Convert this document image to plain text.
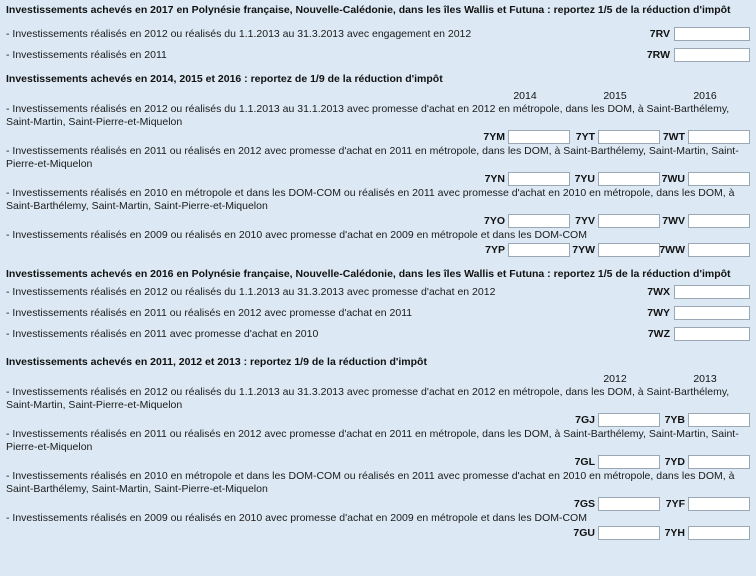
Investissements achevés en 2017 en Polynésie française, Nouvelle-Calédonie, dans les îles Wallis et Futuna : reportez 1/5 de la réduction d'impôt
- Investissements réalisés en 2012 ou réalisés du 1.1.2013 au 31.3.2013 avec engagement en 2012	7RV
- Investissements réalisés en 2011	7RW
Investissements achevés en 2014, 2015 et 2016 : reportez de 1/9 de la réduction d'impôt
2014	2015	2016
- Investissements réalisés en 2012 ou réalisés du 1.1.2013 au 31.1.2013 avec promesse d'achat en 2012 en métropole, dans les DOM, à Saint-Barthélemy, Saint-Martin, Saint-Pierre-et-Miquelon
7YM	7YT	7WT
- Investissements réalisés en 2011 ou réalisés en 2012 avec promesse d'achat en 2011 en métropole, dans les DOM, à Saint-Barthélemy, Saint-Martin, Saint-Pierre-et-Miquelon
7YN	7YU	7WU
- Investissements réalisés en 2010 en métropole et dans les DOM-COM ou réalisés en 2011 avec promesse d'achat en 2010 en métropole, dans les DOM, à Saint-Barthélemy, Saint-Martin, Saint-Pierre-et-Miquelon
7YO	7YV	7WV
- Investissements réalisés en 2009 ou réalisés en 2010 avec promesse d'achat en 2009 en métropole et dans les DOM-COM
7YP	7YW	7WW
Investissements achevés en 2016 en Polynésie française, Nouvelle-Calédonie, dans les îles Wallis et Futuna : reportez 1/5 de la réduction d'impôt
- Investissements réalisés en 2012 ou réalisés du 1.1.2013 au 31.3.2013 avec promesse d'achat en 2012	7WX
- Investissements réalisés en 2011 ou réalisés en 2012 avec promesse d'achat en 2011	7WY
- Investissements réalisés en 2011 avec promesse d'achat en 2010	7WZ
Investissements achevés en 2011, 2012 et 2013 : reportez 1/9 de la réduction d'impôt
2012	2013
- Investissements réalisés en 2012 ou réalisés du 1.1.2013 au 31.3.2013 avec promesse d'achat en 2012 en métropole, dans les DOM, à Saint-Barthélemy, Saint-Martin, Saint-Pierre-et-Miquelon
7GJ	7YB
- Investissements réalisés en 2011 ou réalisés en 2012 avec promesse d'achat en 2011 en métropole, dans les DOM, à Saint-Barthélemy, Saint-Martin, Saint-Pierre-et-Miquelon
7GL	7YD
- Investissements réalisés en 2010 en métropole et dans les DOM-COM ou réalisés en 2011 avec promesse d'achat en 2010 en métropole, dans les DOM, à Saint-Barthélemy, Saint-Martin, Saint-Pierre-et-Miquelon
7GS	7YF
- Investissements réalisés en 2009 ou réalisés en 2010 avec promesse d'achat en 2009 en métropole et dans les DOM-COM
7GU	7YH
